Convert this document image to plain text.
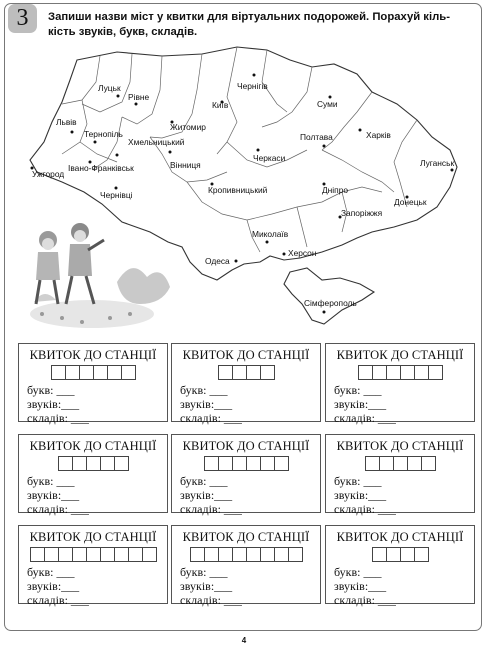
3	Запиши назви міст у квитки для віртуальних подорожей. Порахуй кіль-кість звуків, букв, складів.
Луцьк
Рівне
Львів
Тернопіль
Хмельницький
Житомир
Київ
Чернігів
Суми
Полтава	Харків
Луганськ
Донецьк
Запоріжжя
Дніпро
Черкаси
Кропивницький
Вінниця
Івано-Франківськ
Ужгород
Чернівці
Миколаїв
Херсон
Одеса
Сімферополь
КВИТОК ДО СТАНЦІЇ
букв: ___
звуків:___
складів: ___
КВИТОК ДО СТАНЦІЇ
букв: ___
звуків:___
складів: ___
КВИТОК ДО СТАНЦІЇ
букв: ___
звуків:___
складів: ___
КВИТОК ДО СТАНЦІЇ
букв: ___
звуків:___
складів: ___
КВИТОК ДО СТАНЦІЇ
букв: ___
звуків:___
складів: ___
КВИТОК ДО СТАНЦІЇ
букв: ___
звуків:___
складів: ___
КВИТОК ДО СТАНЦІЇ
букв: ___
звуків:___
складів: ___
КВИТОК ДО СТАНЦІЇ
букв: ___
звуків:___
складів: ___
КВИТОК ДО СТАНЦІЇ
букв: ___
звуків:___
складів: ___
4
